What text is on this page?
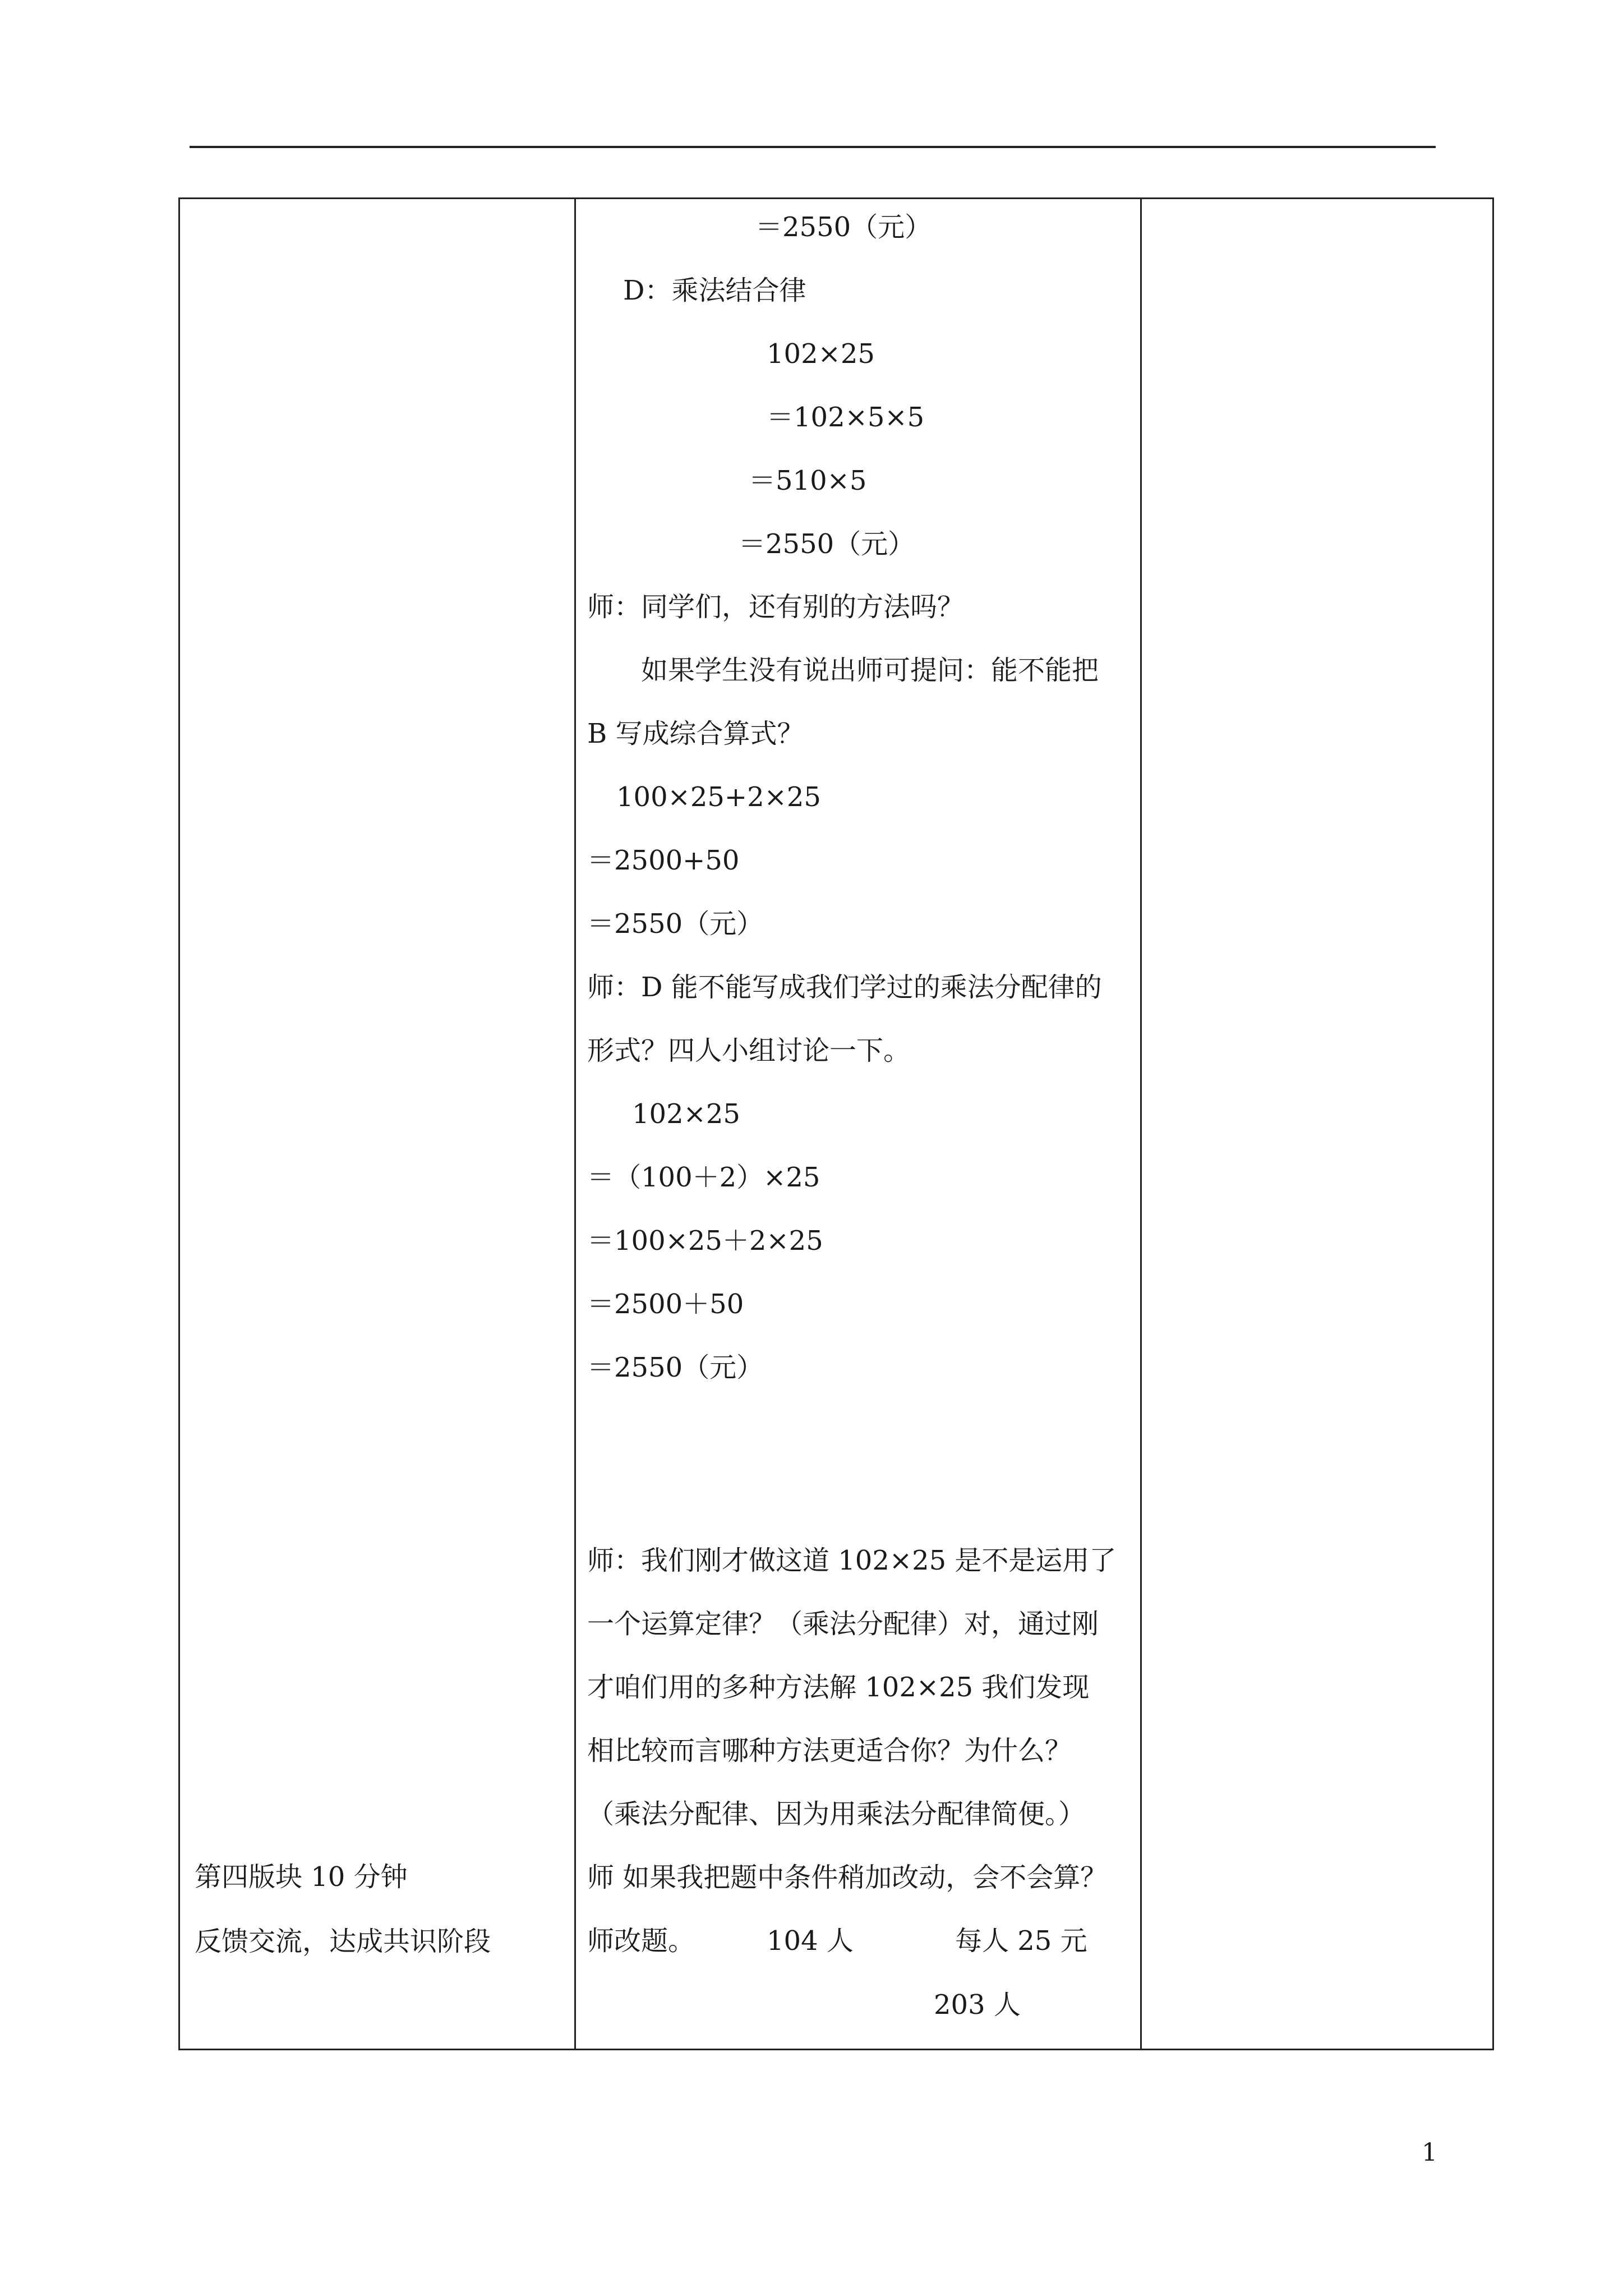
第四版块 10 分钟
反馈交流，达成共识阶段

＝2550（元）
D：乘法结合律
102×25
＝102×5×5
＝510×5
＝2550（元）
师：同学们，还有别的方法吗？
如果学生没有说出师可提问：能不能把
B 写成综合算式？
100×25+2×25
＝2500+50
＝2550（元）
师：D 能不能写成我们学过的乘法分配律的
形式？四人小组讨论一下。
102×25
＝（100＋2）×25
＝100×25＋2×25
＝2500＋50
＝2550（元）
师：我们刚才做这道 102×25 是不是运用了
一个运算定律？（乘法分配律）对，通过刚
才咱们用的多种方法解 102×25 我们发现
相比较而言哪种方法更适合你？为什么？
（乘法分配律、因为用乘法分配律简便。）
师 如果我把题中条件稍加改动，会不会算？
师改题。	104 人	每人 25 元
203 人

1
